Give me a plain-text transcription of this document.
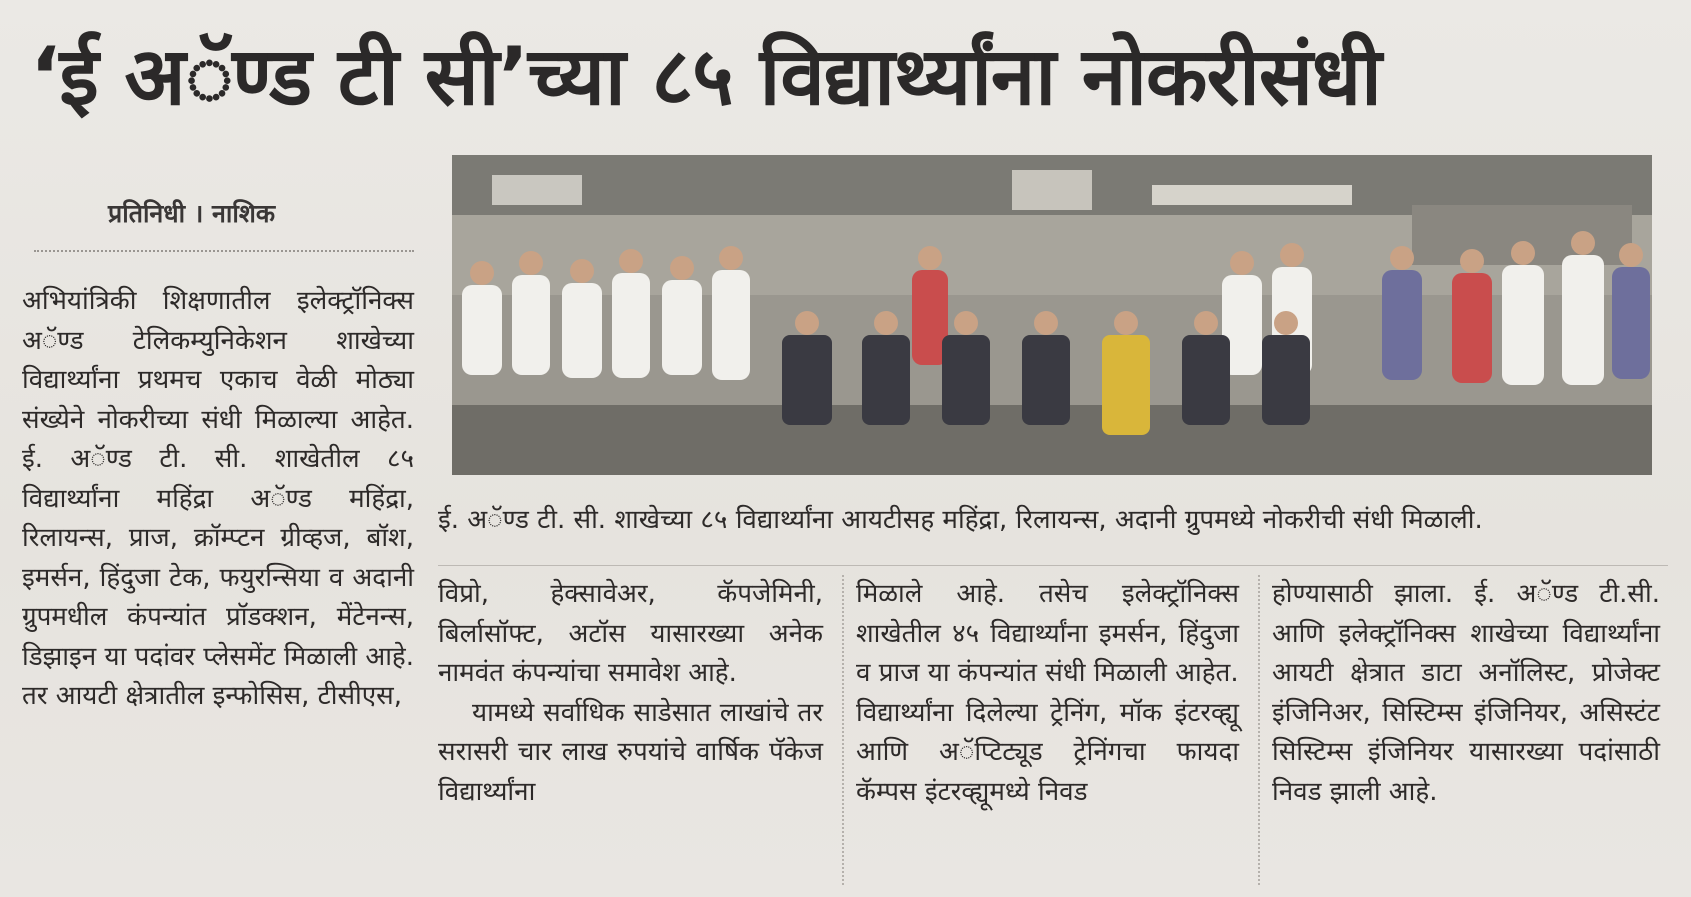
‘ई अॅण्ड टी सी’च्या ८५ विद्यार्थ्यांना नोकरीसंधी
प्रतिनिधी । नाशिक

अभियांत्रिकी शिक्षणातील इलेक्ट्रॉनिक्स अॅण्ड टेलिकम्युनिकेशन शाखेच्या विद्यार्थ्यांना प्रथमच एकाच वेळी मोठ्या संख्येने नोकरीच्या संधी मिळाल्या आहेत. ई. अॅण्ड टी. सी. शाखेतील ८५ विद्यार्थ्यांना महिंद्रा अॅण्ड महिंद्रा, रिलायन्स, प्राज, क्रॉम्प्टन ग्रीव्हज, बॉश, इमर्सन, हिंदुजा टेक, फयुरन्सिया व अदानी ग्रुपमधील कंपन्यांत प्रॉडक्शन, मेंटेनन्स, डिझाइन या पदांवर प्लेसमेंट मिळाली आहे. तर आयटी क्षेत्रातील इन्फोसिस, टीसीएस,

ई. अॅण्ड टी. सी. शाखेच्या ८५ विद्यार्थ्यांना आयटीसह महिंद्रा, रिलायन्स, अदानी ग्रुपमध्ये नोकरीची संधी मिळाली.

विप्रो, हेक्सावेअर, कॅपजेमिनी, बिर्लासॉफ्ट, अटॉस यासारख्या अनेक नामवंत कंपन्यांचा समावेश आहे.

यामध्ये सर्वाधिक साडेसात लाखांचे तर सरासरी चार लाख रुपयांचे वार्षिक पॅकेज विद्यार्थ्यांना

मिळाले आहे. तसेच इलेक्ट्रॉनिक्स शाखेतील ४५ विद्यार्थ्यांना इमर्सन, हिंदुजा व प्राज या कंपन्यांत संधी मिळाली आहेत.

विद्यार्थ्यांना दिलेल्या ट्रेनिंग, मॉक इंटरव्ह्यू आणि अॅप्टिट्यूड ट्रेनिंगचा फायदा कॅम्पस इंटरव्ह्यूमध्ये निवड

होण्यासाठी झाला. ई. अॅण्ड टी.सी. आणि इलेक्ट्रॉनिक्स शाखेच्या विद्यार्थ्यांना आयटी क्षेत्रात डाटा अनॉलिस्ट, प्रोजेक्ट इंजिनिअर, सिस्टिम्स इंजिनियर, असिस्टंट सिस्टिम्स इंजिनियर यासारख्या पदांसाठी निवड झाली आहे.
